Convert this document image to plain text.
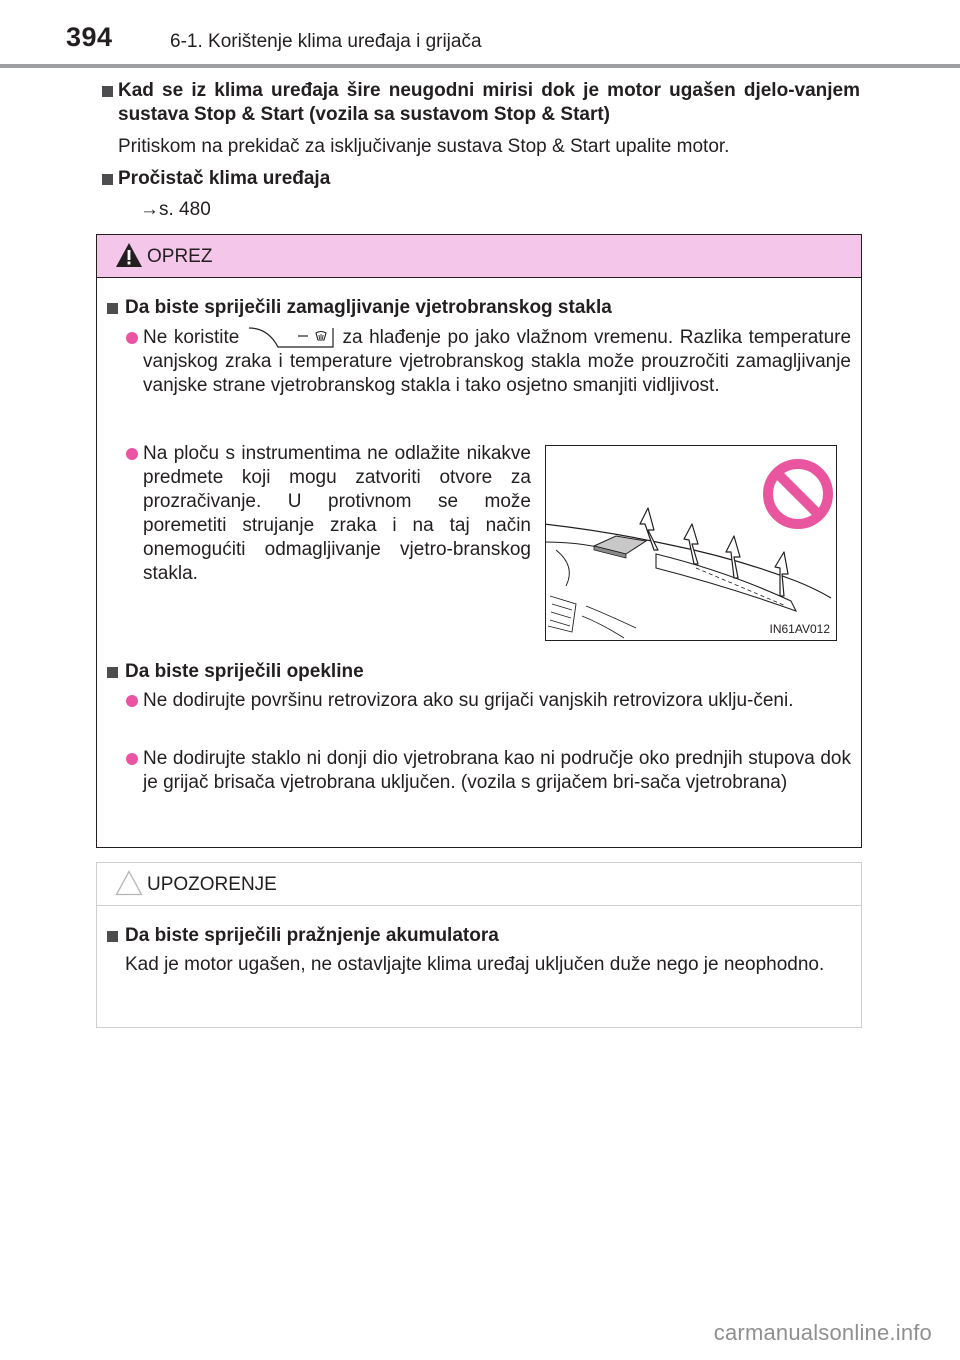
394	6-1. Korištenje klima uređaja i grijača
Kad se iz klima uređaja šire neugodni mirisi dok je motor ugašen djelo-vanjem sustava Stop & Start (vozila sa sustavom Stop & Start)
Pritiskom na prekidač za isključivanje sustava Stop & Start upalite motor.
Pročistač klima uređaja
→s. 480
OPREZ
Da biste spriječili zamagljivanje vjetrobranskog stakla
Ne koristite	za hlađenje po jako vlažnom vremenu. Razlika temperature vanjskog zraka i temperature vjetrobranskog stakla može prouzročiti zamagljivanje vanjske strane vjetrobranskog stakla i tako osjetno smanjiti vidljivost.
Na ploču s instrumentima ne odlažite nikakve predmete koji mogu zatvoriti otvore za prozračivanje. U protivnom se može poremetiti strujanje zraka i na taj način onemogućiti odmagljivanje vjetro-branskog stakla.
IN61AV012
Da biste spriječili opekline
Ne dodirujte površinu retrovizora ako su grijači vanjskih retrovizora uklju-čeni.
Ne dodirujte staklo ni donji dio vjetrobrana kao ni područje oko prednjih stupova dok je grijač brisača vjetrobrana uključen. (vozila s grijačem bri-sača vjetrobrana)
UPOZORENJE
Da biste spriječili pražnjenje akumulatora
Kad je motor ugašen, ne ostavljajte klima uređaj uključen duže nego je neophodno.
carmanualsonline.info
